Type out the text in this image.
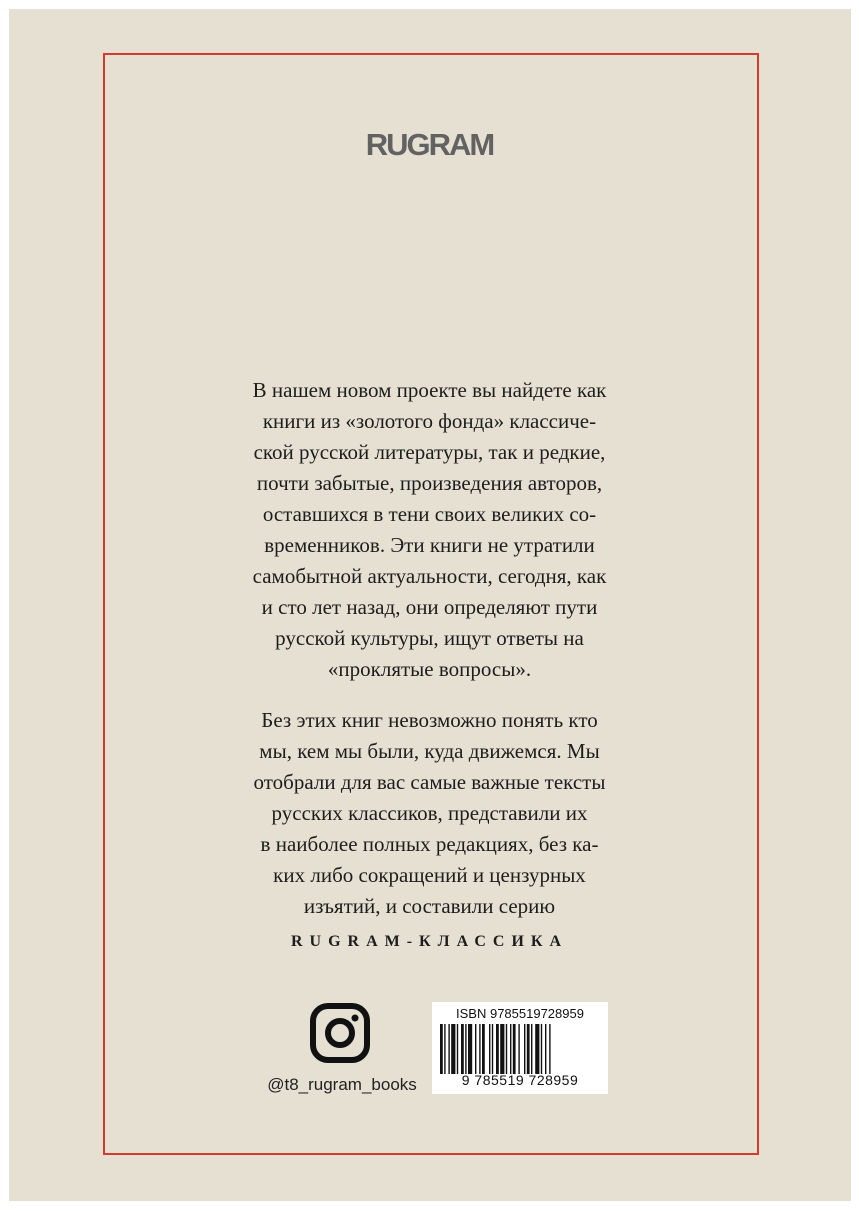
RUGRAM
В нашем новом проекте вы найдете как
книги из «золотого фонда» классиче-
ской русской литературы, так и редкие,
почти забытые, произведения авторов,
оставшихся в тени своих великих со-
временников. Эти книги не утратили
самобытной актуальности, сегодня, как
и сто лет назад, они определяют пути
русской культуры, ищут ответы на
«проклятые вопросы».
Без этих книг невозможно понять кто
мы, кем мы были, куда движемся. Мы
отобрали для вас самые важные тексты
русских классиков, представили их
в наиболее полных редакциях, без ка-
ких либо сокращений и цензурных
изъятий, и составили серию
RUGRAM-КЛАССИКА
@t8_rugram_books
ISBN 9785519728959
9 785519 728959
